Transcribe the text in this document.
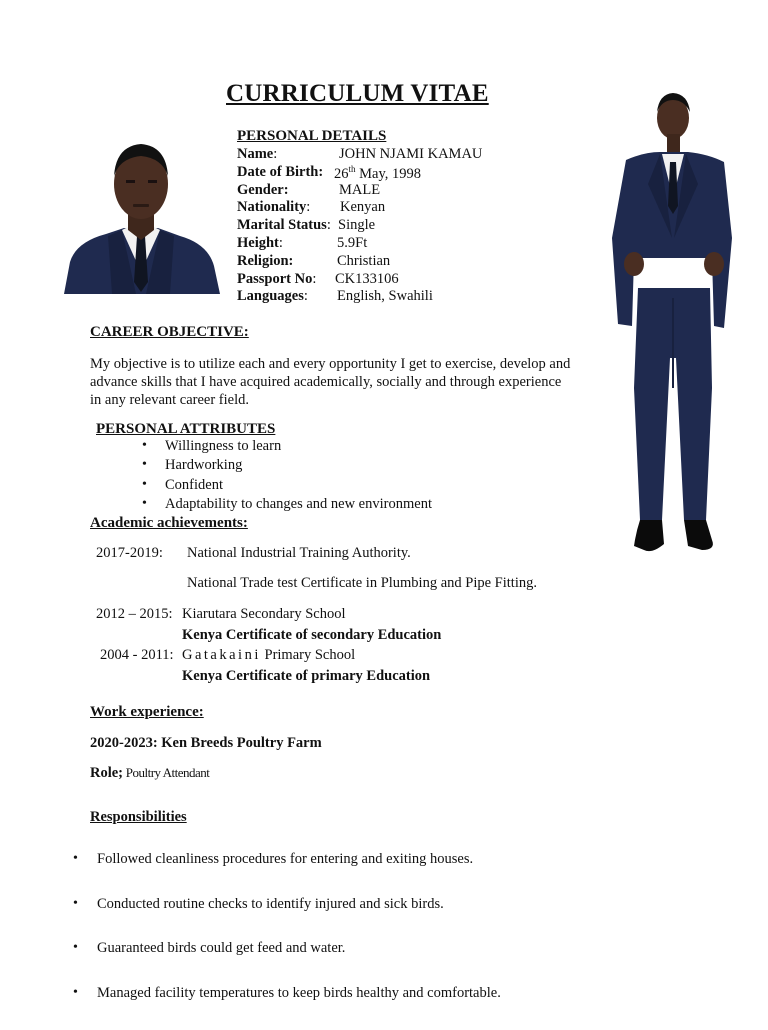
CURRICULUM VITAE
PERSONAL DETAILS
Name:	JOHN NJAMI KAMAU
Date of Birth: 26th May, 1998
Gender:	MALE
Nationality: Kenyan
Marital Status: Single
Height:	5.9Ft
Religion:	Christian
Passport No: CK133106
Languages: English, Swahili
CAREER OBJECTIVE:
My objective is to utilize each and every opportunity I get to exercise, develop and
advance skills that I have acquired academically, socially and through experience
in any relevant career field.
PERSONAL ATTRIBUTES
• Willingness to learn
• Hardworking
• Confident
• Adaptability to changes and new environment
Academic achievements:
2017-2019: National Industrial Training Authority.
National Trade test Certificate in Plumbing and Pipe Fitting.
2012 – 2015: Kiarutara Secondary School
Kenya Certificate of secondary Education
2004 - 2011: Gatakaini Primary School
Kenya Certificate of primary Education
Work experience:
2020-2023: Ken Breeds Poultry Farm
Role; Poultry Attendant
Responsibilities
• Followed cleanliness procedures for entering and exiting houses.
• Conducted routine checks to identify injured and sick birds.
• Guaranteed birds could get feed and water.
• Managed facility temperatures to keep birds healthy and comfortable.
